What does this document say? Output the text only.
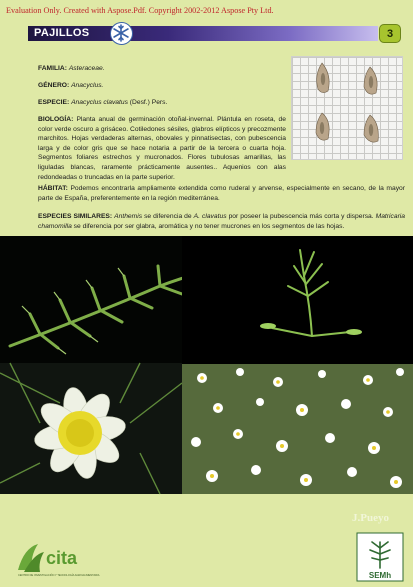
Evaluation Only. Created with Aspose.Pdf. Copyright 2002-2012 Aspose Pty Ltd.
PAJILLOS	3
FAMILIA: Asteraceae.
GÉNERO: Anacyclus.
ESPECIE: Anacyclus clavatus (Desf.) Pers.
BIOLOGÍA: Planta anual de germinación otoñal-invernal. Plántula en roseta, de color verde oscuro a grisáceo. Cotiledones sésiles, glabros elípticos y precozmente marchitos. Hojas verdaderas alternas, obovales y pinnatisectas, con pubescencia larga y de color gris que se hace notaria a partir de la tercera o cuarta hoja. Segmentos foliares estrechos y mucronados. Flores tubulosas amarillas, las liguladas blancas, raramente prácticamente ausentes.. Aquenios con alas redondeadas o truncadas en la parte superior.
HÁBITAT: Podemos encontrarla ampliamente extendida como ruderal y arvense, especialmente en secano, de la mayor parte de España, preferentemente en la región mediterránea.
ESPECIES SIMILARES: Anthemis se diferencia de A. clavatus por poseer la pubescencia más corta y dispersa. Matricaria chamomilla se diferencia por ser glabra, aromática y no tener mucrones en los segmentos de las hojas.
J.Pueyo
cita
CENTRO DE INVESTIGACIÓN Y TECNOLOGÍA AGROALIMENTARIA	SEMh
